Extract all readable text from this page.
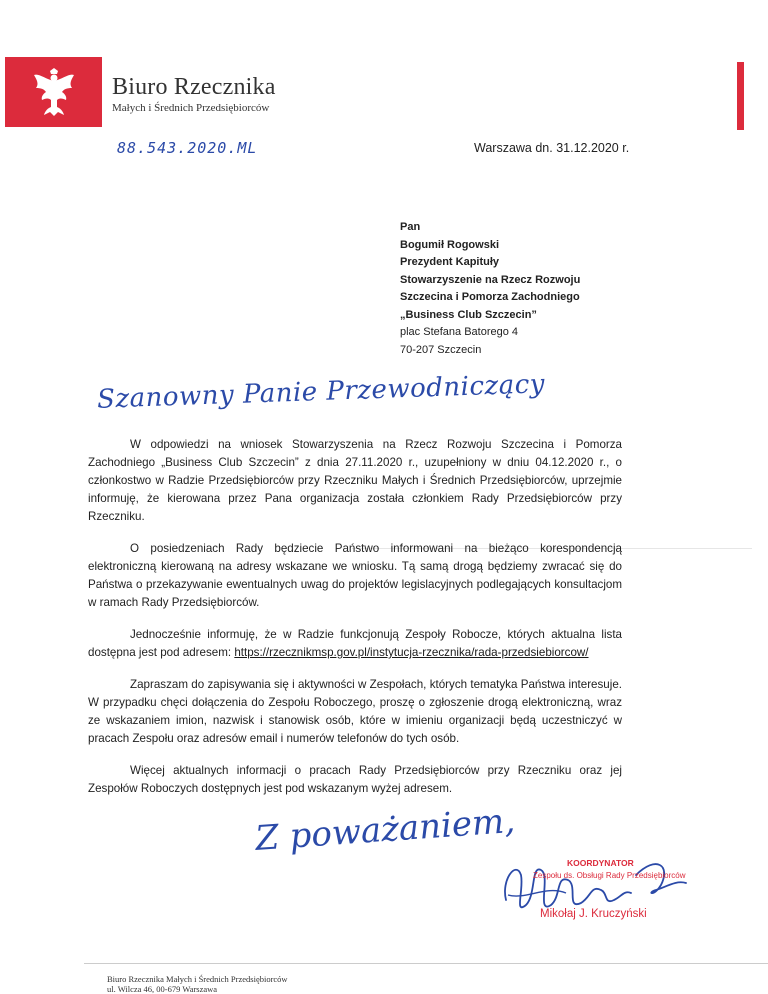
Biuro Rzecznika
Małych i Średnich Przedsiębiorców
88.543.2020.ML	Warszawa dn. 31.12.2020 r.
Pan
Bogumił Rogowski
Prezydent Kapituły
Stowarzyszenie na Rzecz Rozwoju
Szczecina i Pomorza Zachodniego
„Business Club Szczecin”
plac Stefana Batorego 4
70-207 Szczecin
Szanowny Panie Przewodniczący

W odpowiedzi na wniosek Stowarzyszenia na Rzecz Rozwoju Szczecina i Pomorza Zachodniego „Business Club Szczecin” z dnia 27.11.2020 r., uzupełniony w dniu 04.12.2020 r., o członkostwo w Radzie Przedsiębiorców przy Rzeczniku Małych i Średnich Przedsiębiorców, uprzejmie informuję, że kierowana przez Pana organizacja została członkiem Rady Przedsiębiorców przy Rzeczniku.

O posiedzeniach Rady będziecie Państwo informowani na bieżąco korespondencją elektroniczną kierowaną na adresy wskazane we wniosku. Tą samą drogą będziemy zwracać się do Państwa o przekazywanie ewentualnych uwag do projektów legislacyjnych podlegających konsultacjom w ramach Rady Przedsiębiorców.

Jednocześnie informuję, że w Radzie funkcjonują Zespoły Robocze, których aktualna lista dostępna jest pod adresem: https://rzecznikmsp.gov.pl/instytucja-rzecznika/rada-przedsiebiorcow/

Zapraszam do zapisywania się i aktywności w Zespołach, których tematyka Państwa interesuje. W przypadku chęci dołączenia do Zespołu Roboczego, proszę o zgłoszenie drogą elektroniczną, wraz ze wskazaniem imion, nazwisk i stanowisk osób, które w imieniu organizacji będą uczestniczyć w pracach Zespołu oraz adresów email i numerów telefonów do tych osób.

Więcej aktualnych informacji o pracach Rady Przedsiębiorców przy Rzeczniku oraz jej Zespołów Roboczych dostępnych jest pod wskazanym wyżej adresem.

Z poważaniem,
KOORDYNATOR
Zespołu ds. Obsługi Rady Przedsiębiorców
Mikołaj J. Kruczyński
Biuro Rzecznika Małych i Średnich Przedsiębiorców
ul. Wilcza 46, 00-679 Warszawa
